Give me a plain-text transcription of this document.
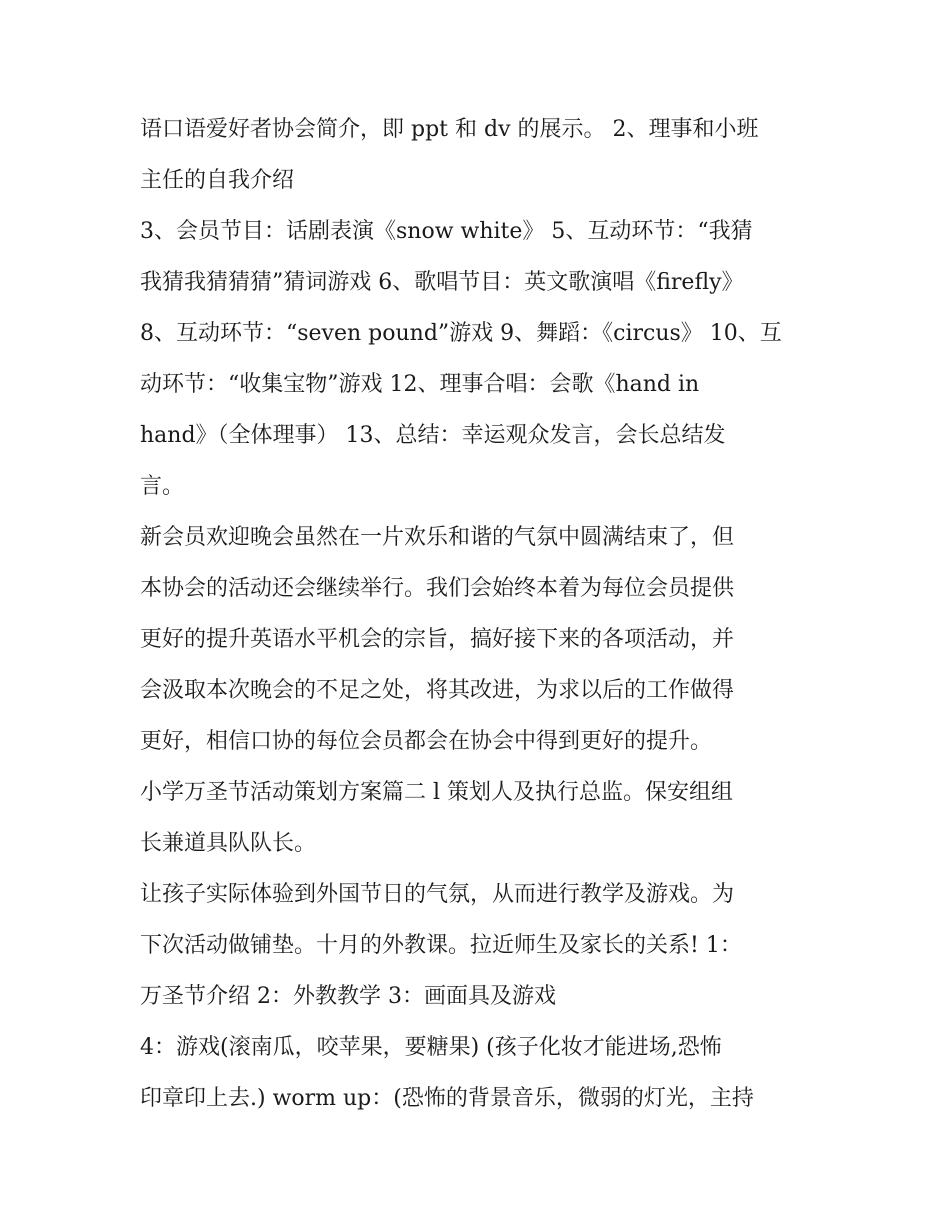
语口语爱好者协会简介，即 ppt 和 dv 的展示。 2、理事和小班
主任的自我介绍
3、会员节目：话剧表演《snow white》 5、互动环节：“我猜
我猜我猜猜猜”猜词游戏 6、歌唱节目：英文歌演唱《firefly》
8、互动环节：“seven pound”游戏 9、舞蹈：《circus》 10、互
动环节：“收集宝物”游戏 12、理事合唱：会歌《hand in
hand》（全体理事） 13、总结：幸运观众发言，会长总结发
言。
新会员欢迎晚会虽然在一片欢乐和谐的气氛中圆满结束了，但
本协会的活动还会继续举行。我们会始终本着为每位会员提供
更好的提升英语水平机会的宗旨，搞好接下来的各项活动，并
会汲取本次晚会的不足之处，将其改进，为求以后的工作做得
更好，相信口协的每位会员都会在协会中得到更好的提升。
小学万圣节活动策划方案篇二 l 策划人及执行总监。保安组组
长兼道具队队长。
让孩子实际体验到外国节日的气氛，从而进行教学及游戏。为
下次活动做铺垫。十月的外教课。拉近师生及家长的关系! 1：
万圣节介绍 2：外教教学 3：画面具及游戏
4：游戏(滚南瓜，咬苹果，要糖果) (孩子化妆才能进场,恐怖
印章印上去.) worm up：(恐怖的背景音乐，微弱的灯光，主持
